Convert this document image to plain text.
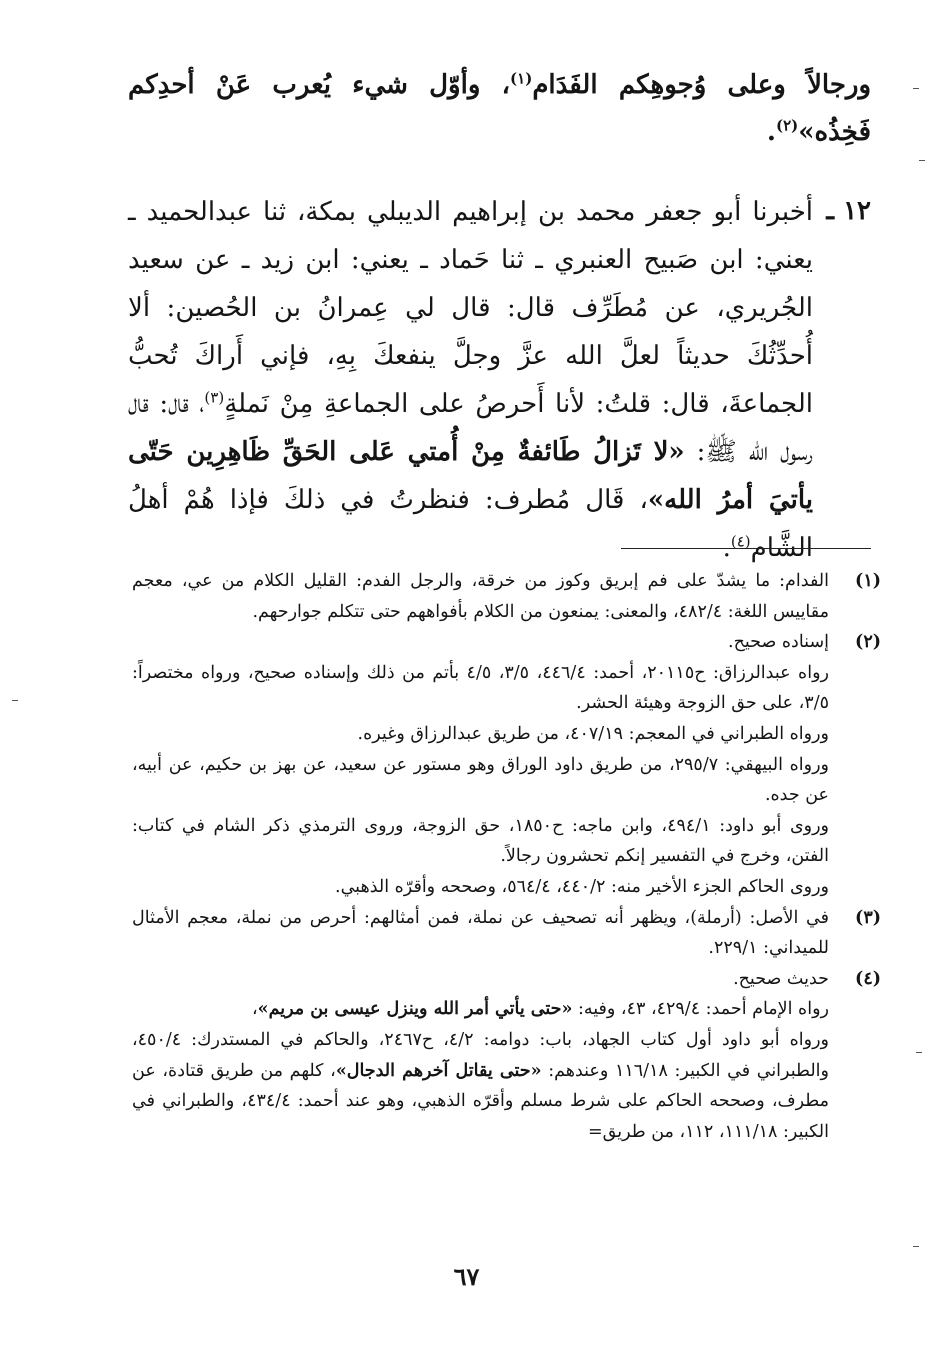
ورجالاً وعلى وُجوهِكم الفَدَام$^{(١)}$، وأوّل شيء يُعرب عَنْ أحدِكم فَخِذُه»$^{(٢)}$.

١٢ ـ

أخبرنا أبو جعفر محمد بن إبراهيم الديبلي بمكة، ثنا عبدالحميد ـ يعني: ابن صَبيح العنبري ـ ثنا حَماد ـ يعني: ابن زيد ـ عن سعيد الجُريري، عن مُطَرِّف قال: قال لي عِمرانُ بن الحُصين: ألا أُحدِّثُكَ حديثاً لعلَّ الله عزَّ وجلَّ ينفعكَ بِهِ، فإني أَراكَ تُحبُّ الجماعةَ، قال: قلتُ: لأنا أَحرصُ على الجماعةِ مِنْ نَملةٍ$^{(٣)}$، قال: قال رسول الله ﷺ: «لا تَزالُ طَائفةٌ مِنْ أُمتي عَلى الحَقِّ ظَاهِرِين حَتّى يأتيَ أمرُ الله»، قَال مُطرف: فنظرتُ في ذلكَ فإذا هُمْ أهلُ الشَّام$^{(٤)}$.

(١)
الفدام: ما يشدّ على فم إبريق وكوز من خرقة، والرجل الفدم: القليل الكلام من عي، معجم مقاييس اللغة: ٤٨٢/٤، والمعنى: يمنعون من الكلام بأفواههم حتى تتكلم جوارحهم.
(٢)
إسناده صحيح.
رواه عبدالرزاق: ح٢٠١١٥، أحمد: ٤٤٦/٤، ٣/٥، ٤/٥ بأتم من ذلك وإسناده صحيح، ورواه مختصراً: ٣/٥، على حق الزوجة وهيئة الحشر.
ورواه الطبراني في المعجم: ٤٠٧/١٩، من طريق عبدالرزاق وغيره.
ورواه البيهقي: ٢٩٥/٧، من طريق داود الوراق وهو مستور عن سعيد، عن بهز بن حكيم، عن أبيه، عن جده.
وروى أبو داود: ٤٩٤/١، وابن ماجه: ح١٨٥٠، حق الزوجة، وروى الترمذي ذكر الشام في كتاب: الفتن، وخرج في التفسير إنكم تحشرون رجالاً.
وروى الحاكم الجزء الأخير منه: ٤٤٠/٢، ٥٦٤/٤، وصححه وأقرّه الذهبي.
(٣)
في الأصل: (أرملة)، ويظهر أنه تصحيف عن نملة، فمن أمثالهم: أحرص من نملة، معجم الأمثال للميداني: ٢٢٩/١.
(٤)
حديث صحيح.
رواه الإمام أحمد: ٤٢٩/٤، ٤٣، وفيه: «حتى يأتي أمر الله وينزل عيسى بن مريم»،
ورواه أبو داود أول كتاب الجهاد، باب: دوامه: ٤/٢، ح٢٤٦٧، والحاكم في المستدرك: ٤٥٠/٤، والطبراني في الكبير: ١١٦/١٨ وعندهم: «حتى يقاتل آخرهم الدجال»، كلهم من طريق قتادة، عن مطرف، وصححه الحاكم على شرط مسلم وأقرّه الذهبي، وهو عند أحمد: ٤٣٤/٤، والطبراني في الكبير: ١١١/١٨، ١١٢، من طريق=
٦٧
